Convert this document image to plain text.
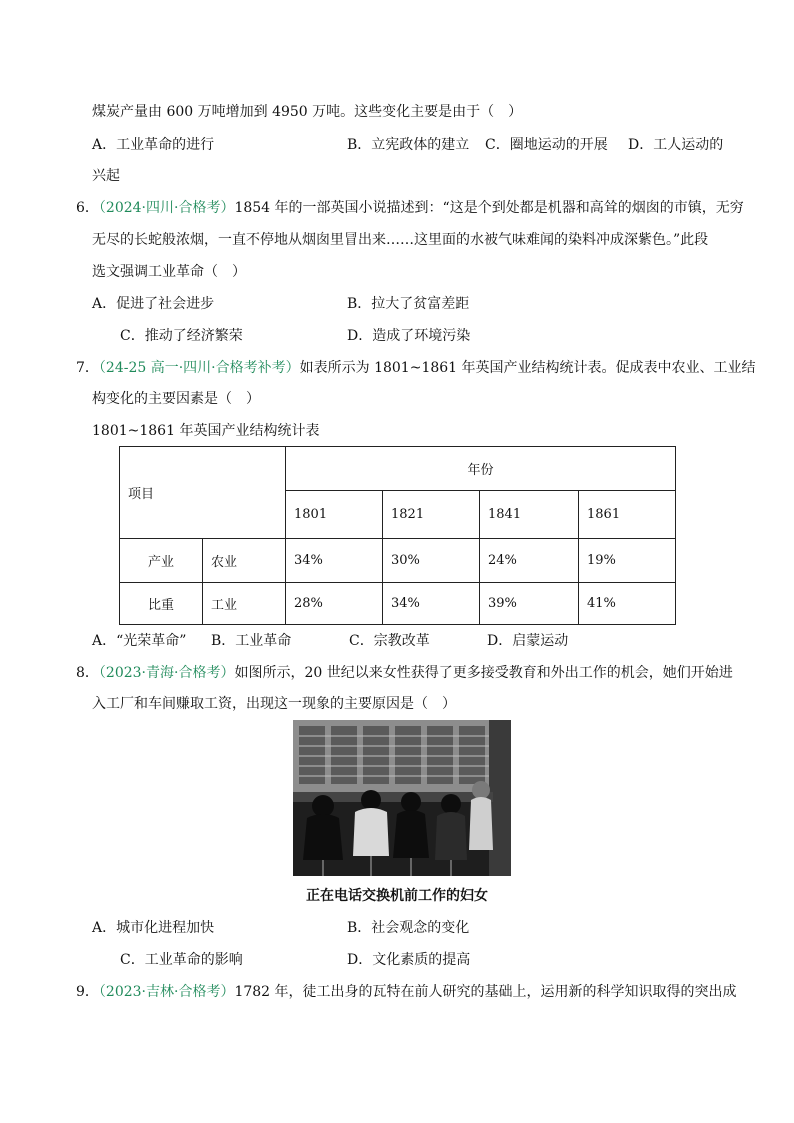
煤炭产量由 600 万吨增加到 4950 万吨。这些变化主要是由于（　）
A．工业革命的进行	B．立宪政体的建立 C．圈地运动的开展 D．工人运动的
兴起
6．（2024·四川·合格考）1854 年的一部英国小说描述到：“这是个到处都是机器和高耸的烟囱的市镇，无穷
无尽的长蛇般浓烟，一直不停地从烟囱里冒出来……这里面的水被气味难闻的染料冲成深紫色。”此段
选文强调工业革命（　）
A．促进了社会进步	B．拉大了贫富差距
C．推动了经济繁荣	D．造成了环境污染
7．（24-25 高一·四川·合格考补考）如表所示为 1801~1861 年英国产业结构统计表。促成表中农业、工业结
构变化的主要因素是（　）
1801~1861 年英国产业结构统计表
项目		年份			
		1801	1821	1841	1861
产业	农业	34%	30%	24%	19%
比重	工业	28%	34%	39%	41%
A．“光荣革命” B．工业革命	C．宗教改革	D．启蒙运动
8．（2023·青海·合格考）如图所示，20 世纪以来女性获得了更多接受教育和外出工作的机会，她们开始进
入工厂和车间赚取工资，出现这一现象的主要原因是（　）
正在电话交换机前工作的妇女
A．城市化进程加快	B．社会观念的变化
C．工业革命的影响	D．文化素质的提高
9．（2023·吉林·合格考）1782 年，徒工出身的瓦特在前人研究的基础上，运用新的科学知识取得的突出成
